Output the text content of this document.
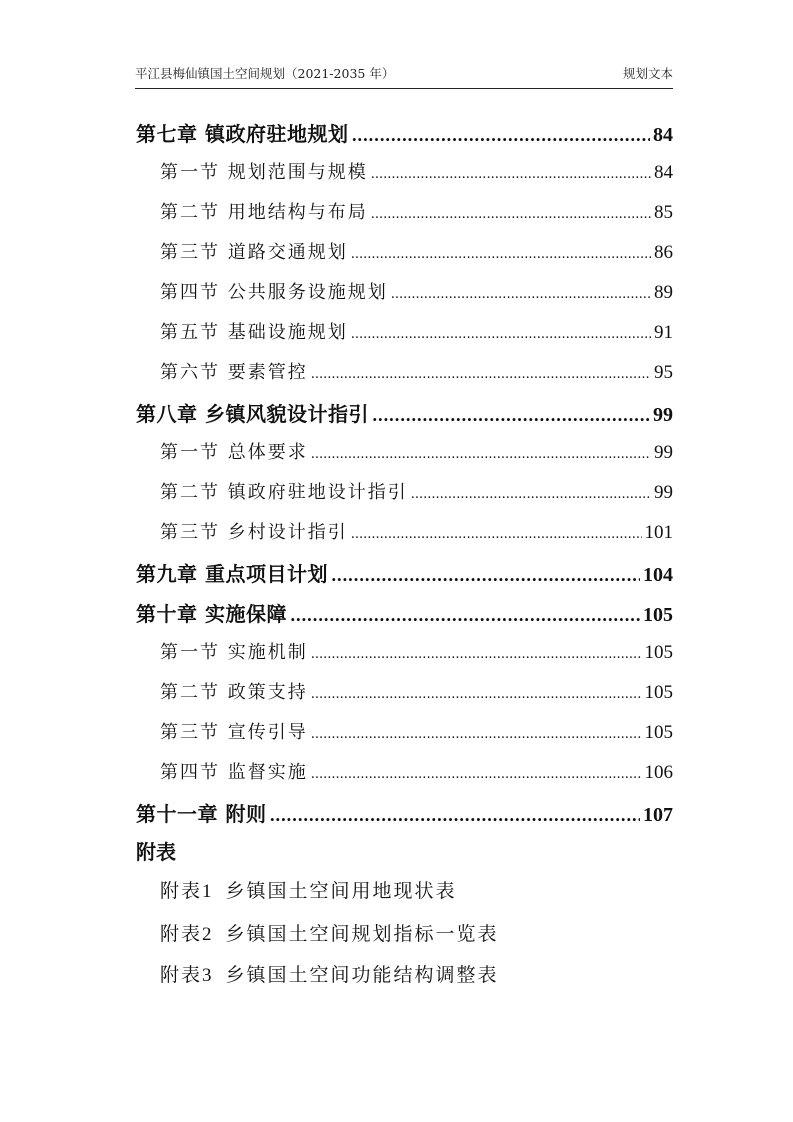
平江县梅仙镇国土空间规划（2021-2035 年）	规划文本
第七章 镇政府驻地规划 .....	84
第一节 规划范围与规模 .....	84
第二节 用地结构与布局 .....	85
第三节 道路交通规划 .....	86
第四节 公共服务设施规划 .....	89
第五节 基础设施规划 .....	91
第六节 要素管控 .....	95
第八章 乡镇风貌设计指引 .....	99
第一节 总体要求 .....	99
第二节 镇政府驻地设计指引 .....	99
第三节 乡村设计指引 .....	101
第九章 重点项目计划 .....	104
第十章 实施保障 .....	105
第一节 实施机制 .....	105
第二节 政策支持 .....	105
第三节 宣传引导 .....	105
第四节 监督实施 .....	106
第十一章 附则 .....	107
附表
附表1 乡镇国土空间用地现状表
附表2 乡镇国土空间规划指标一览表
附表3 乡镇国土空间功能结构调整表
